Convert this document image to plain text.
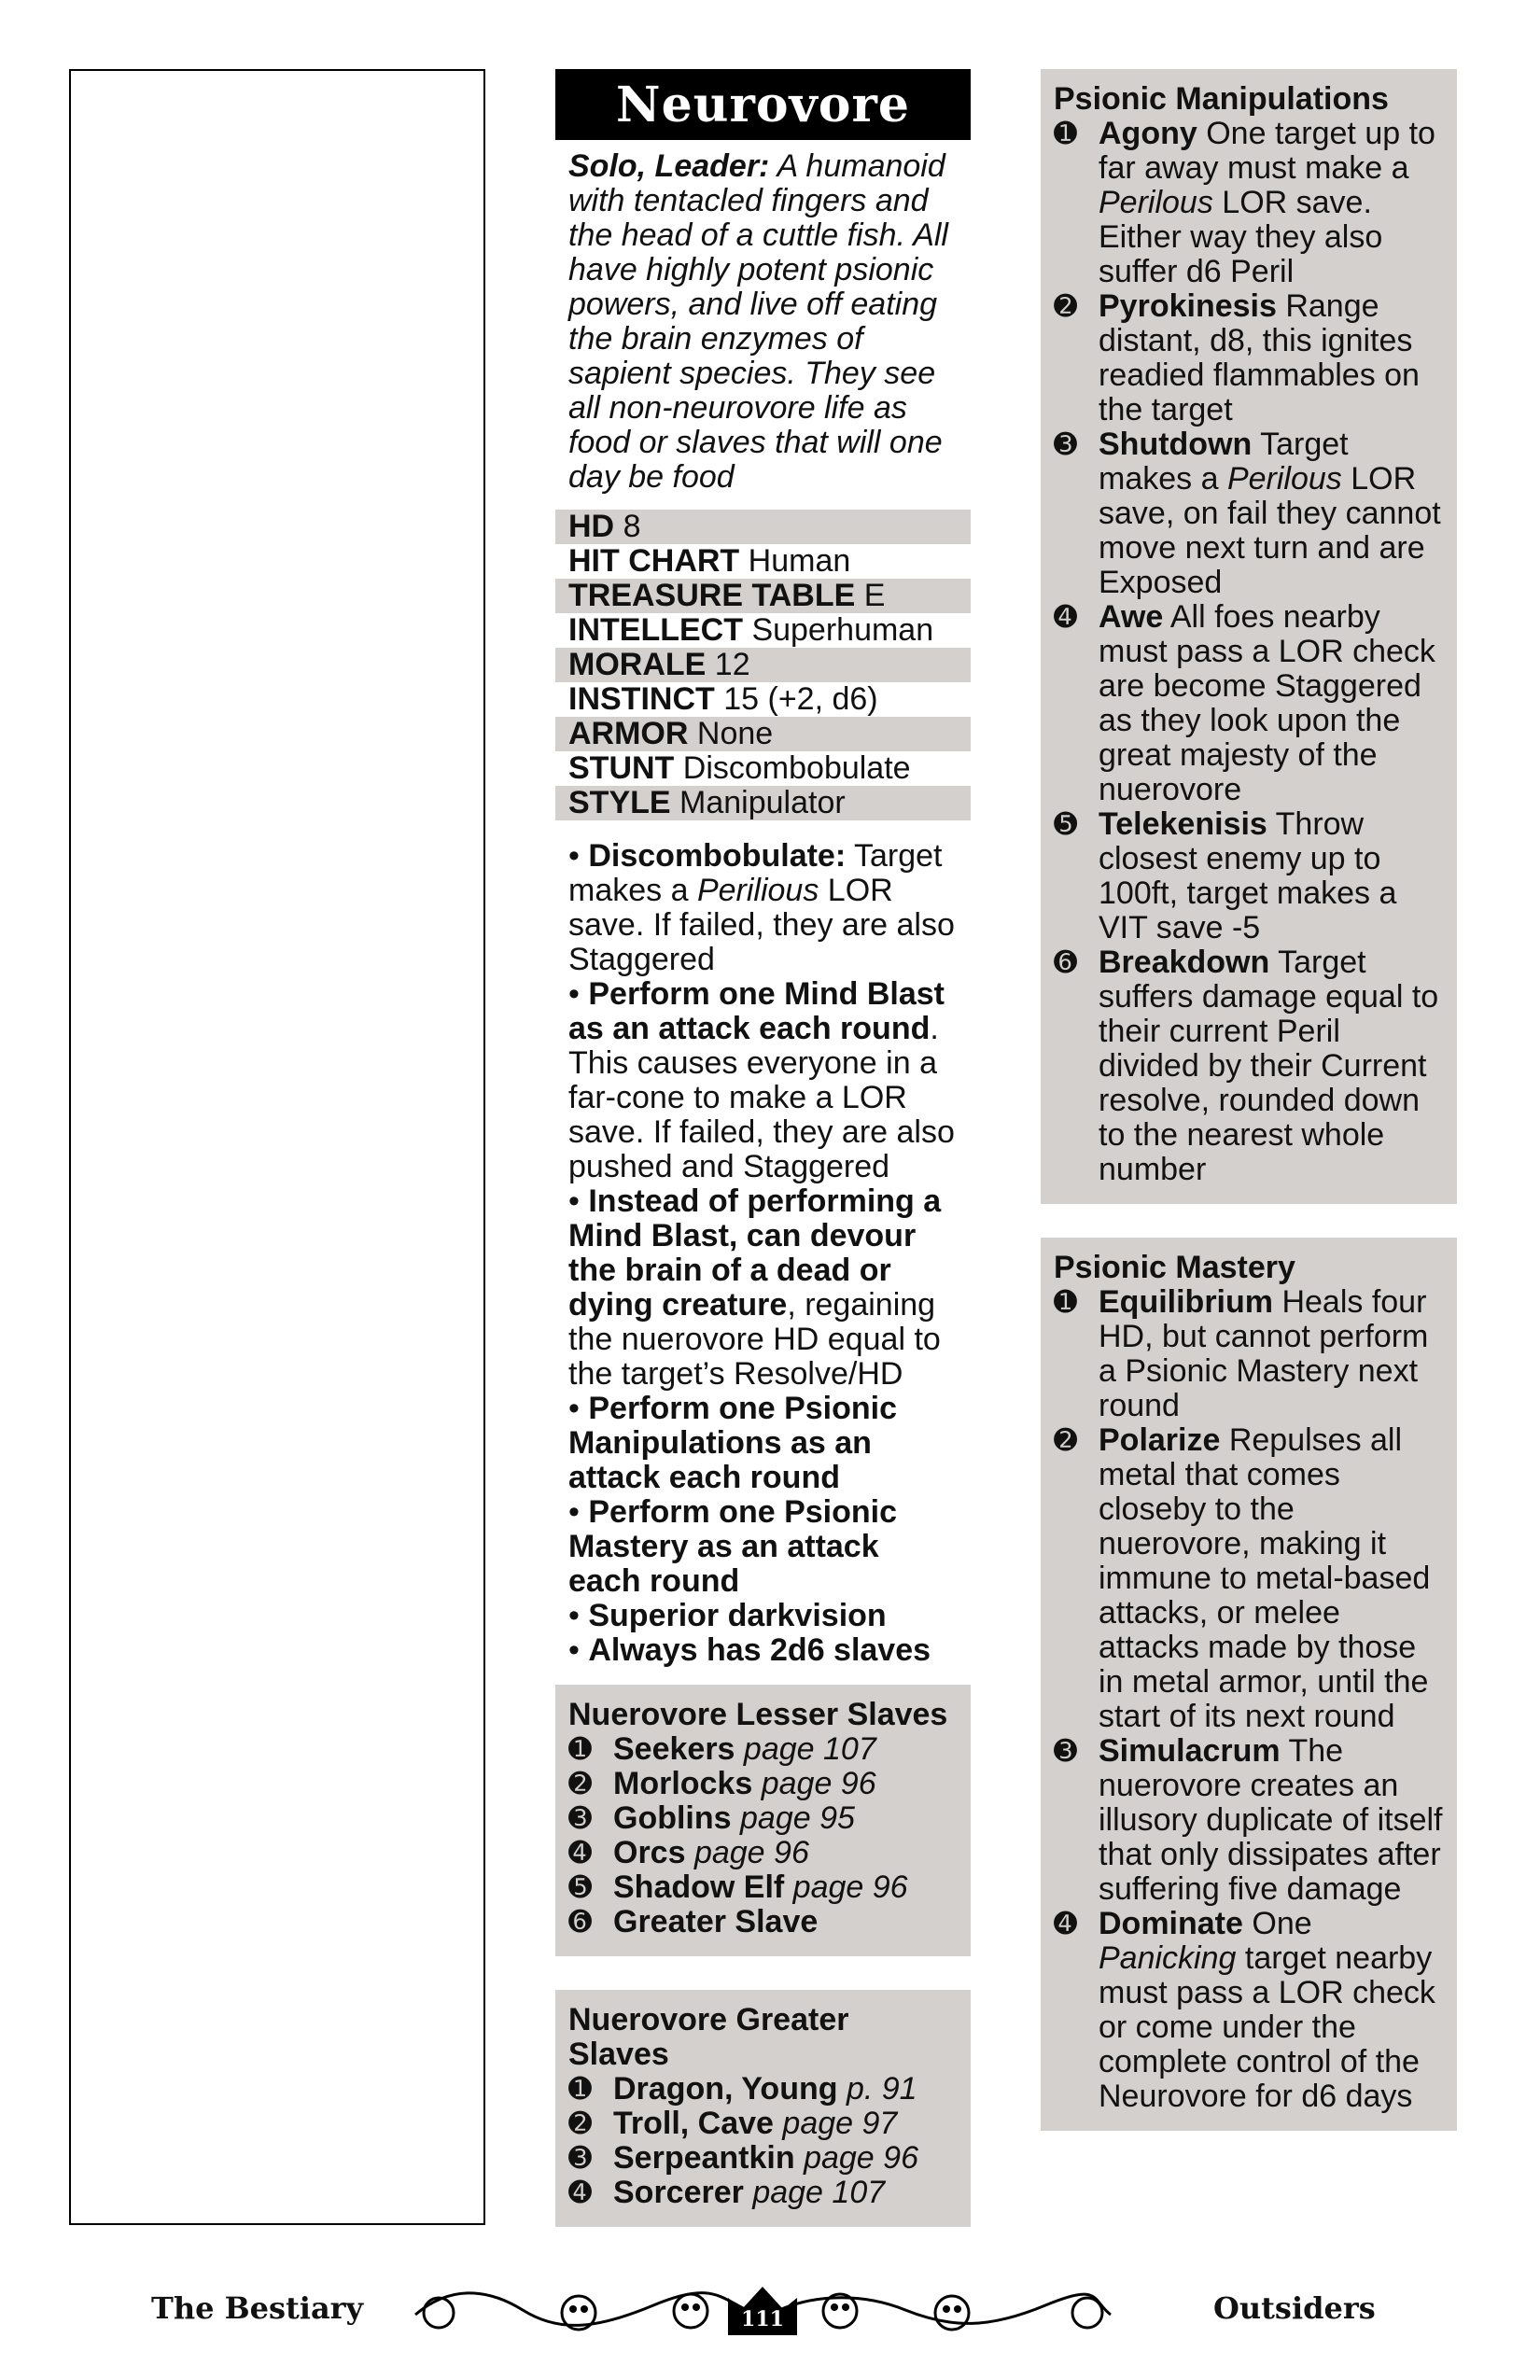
Neurovore
Solo, Leader: A humanoid with tentacled fingers and the head of a cuttle fish. All have highly potent psionic powers, and live off eating the brain enzymes of sapient species. They see all non-neurovore life as food or slaves that will one day be food
HD 8
HIT CHART Human
TREASURE TABLE E
INTELLECT Superhuman
MORALE 12
INSTINCT 15 (+2, d6)
ARMOR None
STUNT Discombobulate
STYLE Manipulator
• Discombobulate: Target makes a Perilious LOR save. If failed, they are also Staggered
• Perform one Mind Blast as an attack each round. This causes everyone in a far-cone to make a LOR save. If failed, they are also pushed and Staggered
• Instead of performing a Mind Blast, can devour the brain of a dead or dying creature, regaining the nuerovore HD equal to the target’s Resolve/HD
• Perform one Psionic Manipulations as an attack each round
• Perform one Psionic Mastery as an attack each round
• Superior darkvision
• Always has 2d6 slaves
Nuerovore Lesser Slaves
➊ Seekers page 107
➋ Morlocks page 96
➌ Goblins page 95
➍ Orcs page 96
➎ Shadow Elf page 96
➏ Greater Slave
Nuerovore Greater Slaves
➊ Dragon, Young p. 91
➋ Troll, Cave page 97
➌ Serpeantkin page 96
➍ Sorcerer page 107
Psionic Manipulations
➊ Agony One target up to far away must make a Perilous LOR save. Either way they also suffer d6 Peril
➋ Pyrokinesis Range distant, d8, this ignites readied flammables on the target
➌ Shutdown Target makes a Perilous LOR save, on fail they cannot move next turn and are Exposed
➍ Awe All foes nearby must pass a LOR check are become Staggered as they look upon the great majesty of the nuerovore
➎ Telekenisis Throw closest enemy up to 100ft, target makes a VIT save -5
➏ Breakdown Target suffers damage equal to their current Peril divided by their Current resolve, rounded down to the nearest whole number
Psionic Mastery
➊ Equilibrium Heals four HD, but cannot perform a Psionic Mastery next round
➋ Polarize Repulses all metal that comes closeby to the nuerovore, making it immune to metal-based attacks, or melee attacks made by those in metal armor, until the start of its next round
➌ Simulacrum The nuerovore creates an illusory duplicate of itself that only dissipates after suffering five damage
➍ Dominate One Panicking target nearby must pass a LOR check or come under the complete control of the Neurovore for d6 days
The Bestiary	111	Outsiders
